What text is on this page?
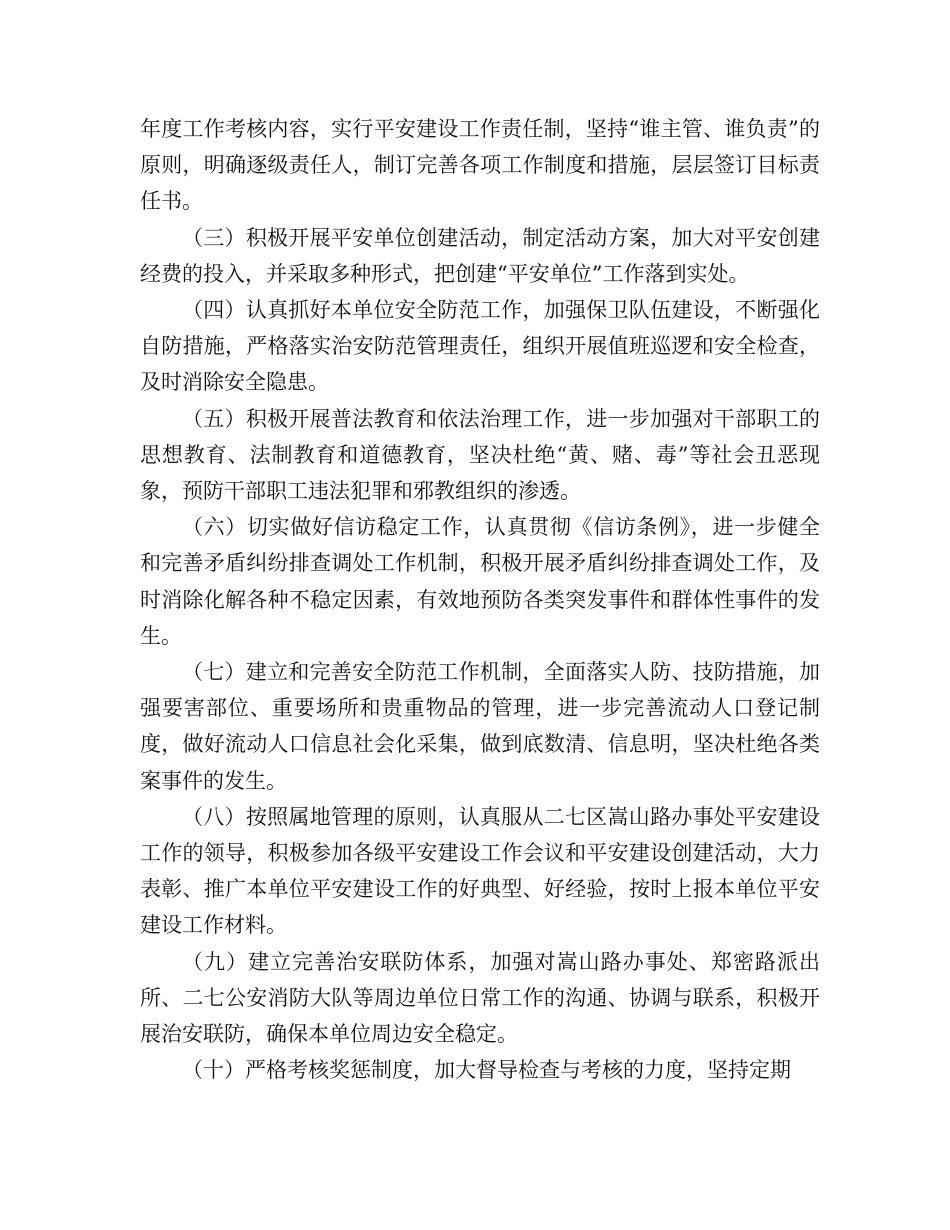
年度工作考核内容，实行平安建设工作责任制，坚持“谁主管、谁负责”的原则，明确逐级责任人，制订完善各项工作制度和措施，层层签订目标责任书。

（三）积极开展平安单位创建活动，制定活动方案，加大对平安创建经费的投入，并采取多种形式，把创建“平安单位”工作落到实处。

（四）认真抓好本单位安全防范工作，加强保卫队伍建设，不断强化自防措施，严格落实治安防范管理责任，组织开展值班巡逻和安全检查，及时消除安全隐患。

（五）积极开展普法教育和依法治理工作，进一步加强对干部职工的思想教育、法制教育和道德教育，坚决杜绝“黄、赌、毒”等社会丑恶现象，预防干部职工违法犯罪和邪教组织的渗透。

（六）切实做好信访稳定工作，认真贯彻《信访条例》，进一步健全和完善矛盾纠纷排查调处工作机制，积极开展矛盾纠纷排查调处工作，及时消除化解各种不稳定因素，有效地预防各类突发事件和群体性事件的发生。

（七）建立和完善安全防范工作机制，全面落实人防、技防措施，加强要害部位、重要场所和贵重物品的管理，进一步完善流动人口登记制度，做好流动人口信息社会化采集，做到底数清、信息明，坚决杜绝各类案事件的发生。

（八）按照属地管理的原则，认真服从二七区嵩山路办事处平安建设工作的领导，积极参加各级平安建设工作会议和平安建设创建活动，大力表彰、推广本单位平安建设工作的好典型、好经验，按时上报本单位平安建设工作材料。

（九）建立完善治安联防体系，加强对嵩山路办事处、郑密路派出所、二七公安消防大队等周边单位日常工作的沟通、协调与联系，积极开展治安联防，确保本单位周边安全稳定。

（十）严格考核奖惩制度，加大督导检查与考核的力度，坚持定期
